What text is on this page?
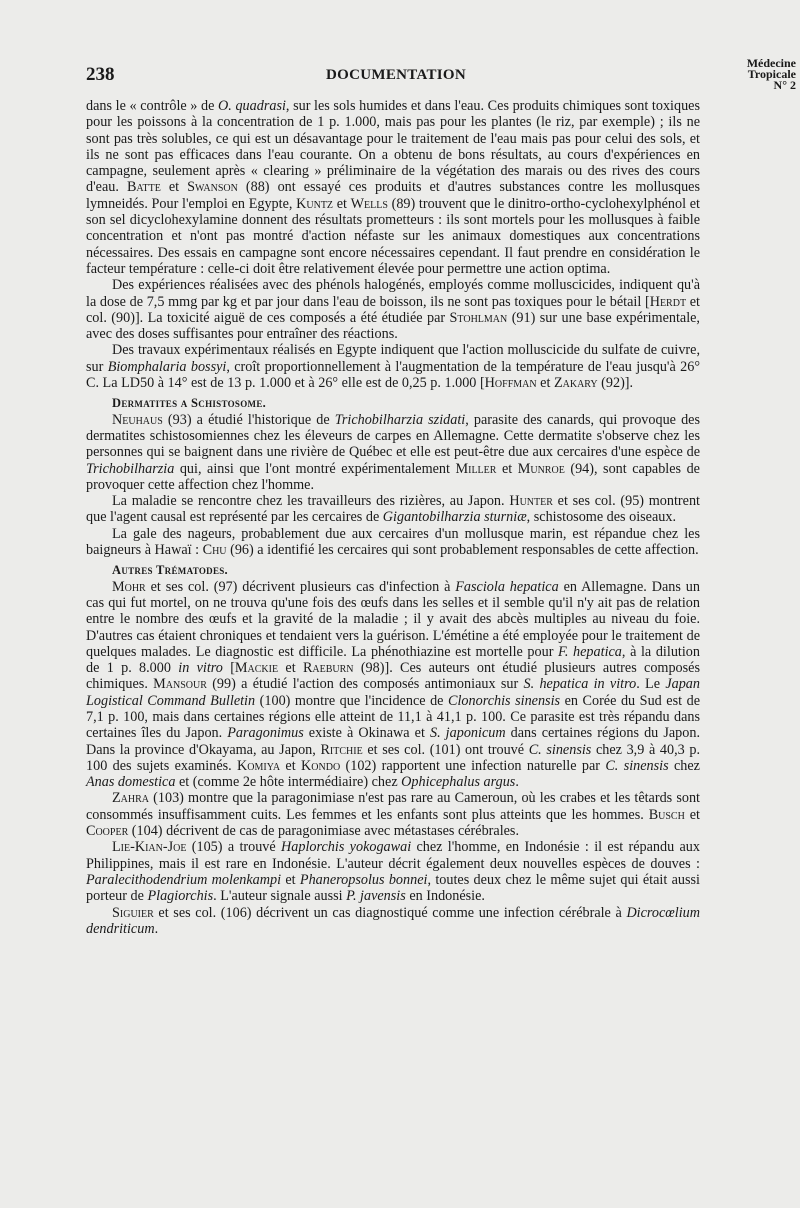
238	DOCUMENTATION
Médecine
Tropicale
N° 2

dans le « contrôle » de O. quadrasi, sur les sols humides et dans l'eau. Ces produits chimiques sont toxiques pour les poissons à la concentration de 1 p. 1.000, mais pas pour les plantes (le riz, par exemple) ; ils ne sont pas très solubles, ce qui est un désavantage pour le traitement de l'eau mais pas pour celui des sols, et ils ne sont pas efficaces dans l'eau courante. On a obtenu de bons résultats, au cours d'expériences en campagne, seulement après « clearing » préliminaire de la végétation des marais ou des rives des cours d'eau. Batte et Swanson (88) ont essayé ces produits et d'autres substances contre les mollusques lymneidés. Pour l'emploi en Egypte, Kuntz et Wells (89) trouvent que le dinitro-ortho-cyclohexylphénol et son sel dicyclohexylamine donnent des résultats prometteurs : ils sont mortels pour les mollusques à faible concentration et n'ont pas montré d'action néfaste sur les animaux domestiques aux concentrations nécessaires. Des essais en campagne sont encore nécessaires cependant. Il faut prendre en considération le facteur température : celle-ci doit être relativement élevée pour permettre une action optima.

Des expériences réalisées avec des phénols halogénés, employés comme molluscicides, indiquent qu'à la dose de 7,5 mmg par kg et par jour dans l'eau de boisson, ils ne sont pas toxiques pour le bétail [Herdt et col. (90)]. La toxicité aiguë de ces composés a été étudiée par Stohlman (91) sur une base expérimentale, avec des doses suffisantes pour entraîner des réactions.

Des travaux expérimentaux réalisés en Egypte indiquent que l'action molluscicide du sulfate de cuivre, sur Biomphalaria bossyi, croît proportionnellement à l'augmentation de la température de l'eau jusqu'à 26° C. La LD50 à 14° est de 13 p. 1.000 et à 26° elle est de 0,25 p. 1.000 [Hoffman et Zakary (92)].

Dermatites a Schistosome.

Neuhaus (93) a étudié l'historique de Trichobilharzia szidati, parasite des canards, qui provoque des dermatites schistosomiennes chez les éleveurs de carpes en Allemagne. Cette dermatite s'observe chez les personnes qui se baignent dans une rivière de Québec et elle est peut-être due aux cercaires d'une espèce de Trichobilharzia qui, ainsi que l'ont montré expérimentalement Miller et Munroe (94), sont capables de provoquer cette affection chez l'homme.

La maladie se rencontre chez les travailleurs des rizières, au Japon. Hunter et ses col. (95) montrent que l'agent causal est représenté par les cercaires de Gigantobilharzia sturniæ, schistosome des oiseaux.

La gale des nageurs, probablement due aux cercaires d'un mollusque marin, est répandue chez les baigneurs à Hawaï : Chu (96) a identifié les cercaires qui sont probablement responsables de cette affection.

Autres Trématodes.

Mohr et ses col. (97) décrivent plusieurs cas d'infection à Fasciola hepatica en Allemagne. Dans un cas qui fut mortel, on ne trouva qu'une fois des œufs dans les selles et il semble qu'il n'y ait pas de relation entre le nombre des œufs et la gravité de la maladie ; il y avait des abcès multiples au niveau du foie. D'autres cas étaient chroniques et tendaient vers la guérison. L'émétine a été employée pour le traitement de quelques malades. Le diagnostic est difficile. La phénothiazine est mortelle pour F. hepatica, à la dilution de 1 p. 8.000 in vitro [Mackie et Raeburn (98)]. Ces auteurs ont étudié plusieurs autres composés chimiques. Mansour (99) a étudié l'action des composés antimoniaux sur S. hepatica in vitro. Le Japan Logistical Command Bulletin (100) montre que l'incidence de Clonorchis sinensis en Corée du Sud est de 7,1 p. 100, mais dans certaines régions elle atteint de 11,1 à 41,1 p. 100. Ce parasite est très répandu dans certaines îles du Japon. Paragonimus existe à Okinawa et S. japonicum dans certaines régions du Japon. Dans la province d'Okayama, au Japon, Ritchie et ses col. (101) ont trouvé C. sinensis chez 3,9 à 40,3 p. 100 des sujets examinés. Komiya et Kondo (102) rapportent une infection naturelle par C. sinensis chez Anas domestica et (comme 2e hôte intermédiaire) chez Ophicephalus argus.

Zahra (103) montre que la paragonimiase n'est pas rare au Cameroun, où les crabes et les têtards sont consommés insuffisamment cuits. Les femmes et les enfants sont plus atteints que les hommes. Busch et Cooper (104) décrivent de cas de paragonimiase avec métastases cérébrales.

Lie-Kian-Joe (105) a trouvé Haplorchis yokogawai chez l'homme, en Indonésie : il est répandu aux Philippines, mais il est rare en Indonésie. L'auteur décrit également deux nouvelles espèces de douves : Paralecithodendrium molenkampi et Phaneropsolus bonnei, toutes deux chez le même sujet qui était aussi porteur de Plagiorchis. L'auteur signale aussi P. javensis en Indonésie.

Siguier et ses col. (106) décrivent un cas diagnostiqué comme une infection cérébrale à Dicrocœlium dendriticum.
